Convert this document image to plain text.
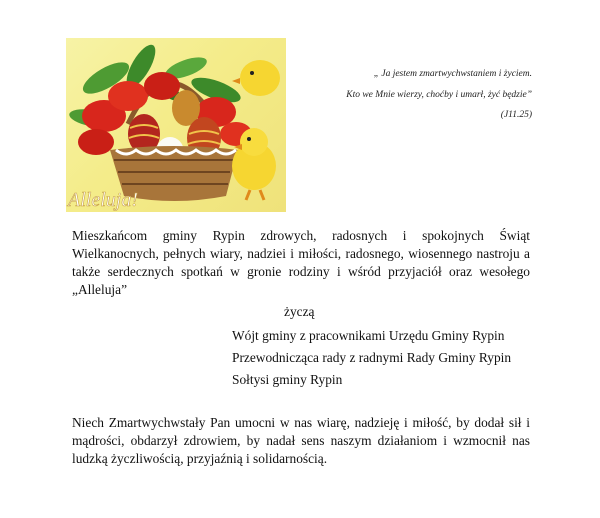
Alleluja!
„ Ja jestem zmartwychwstaniem i życiem.
Kto we Mnie wierzy, choćby i umarł, żyć będzie”
(J11.25)

Mieszkańcom gminy Rypin zdrowych, radosnych i spokojnych Świąt Wielkanocnych, pełnych wiary, nadziei i miłości, radosnego, wiosennego nastroju a także serdecznych spotkań w gronie rodziny i wśród przyjaciół oraz wesołego „Alleluja”

życzą
Wójt gminy z pracownikami Urzędu Gminy Rypin
Przewodnicząca rady z radnymi Rady Gminy Rypin
Sołtysi gminy Rypin

Niech Zmartwychwstały Pan umocni w nas wiarę, nadzieję i miłość, by dodał sił i mądrości, obdarzył zdrowiem, by nadał sens naszym działaniom i wzmocnił nas ludzką życzliwością, przyjaźnią i solidarnością.
